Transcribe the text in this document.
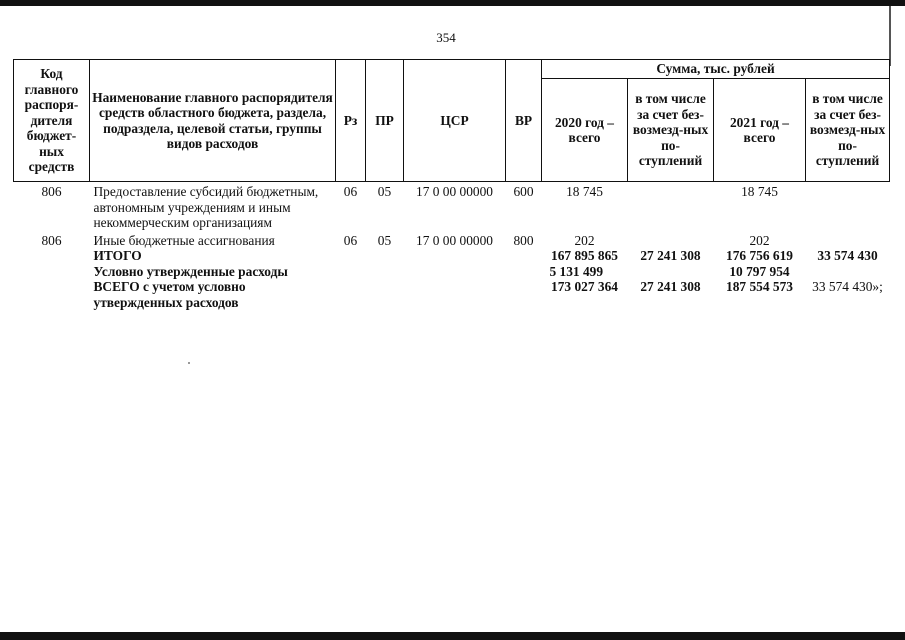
354
Код главного распоря-дителя бюджет-ных средств	Наименование главного распорядителя средств областного бюджета, раздела, подраздела, целевой статьи, группы видов расходов	Рз	ПР	ЦСР	ВР	Сумма, тыс. рублей			
						2020 год – всего	в том числе за счет без-возмезд-ных по-ступлений	2021 год – всего	в том числе за счет без-возмезд-ных по-ступлений
806	Предоставление субсидий бюджетным, автономным учреждениям и иным некоммерческим организациям	06	05	17 0 00 00000	600	18 745		18 745	
806	Иные бюджетные ассигнования	06	05	17 0 00 00000	800	202		202	
	ИТОГО					167 895 865	27 241 308	176 756 619	33 574 430
	Условно утвержденные расходы					5 131 499		10 797 954	
	ВСЕГО с учетом условно утвержденных расходов					173 027 364	27 241 308	187 554 573	33 574 430»;
